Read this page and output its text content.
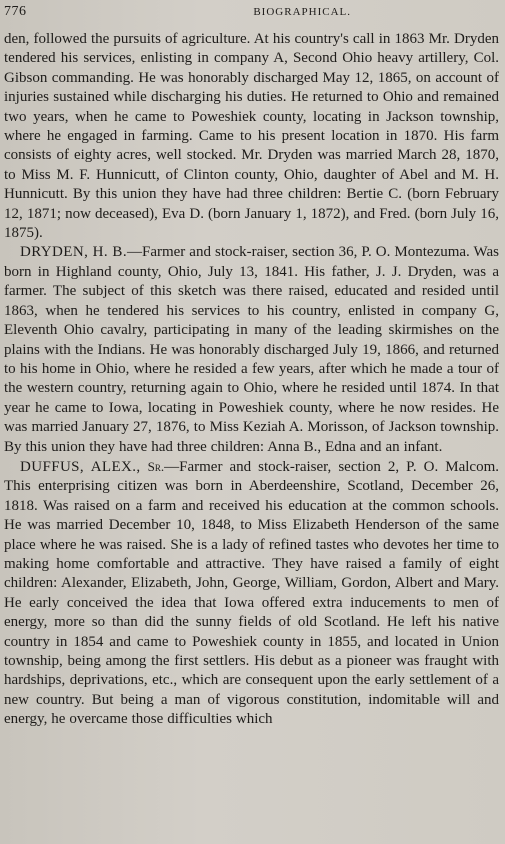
776	BIOGRAPHICAL.

den, followed the pursuits of agriculture. At his country's call in 1863 Mr. Dryden tendered his services, enlisting in company A, Second Ohio heavy artillery, Col. Gibson commanding. He was honorably discharged May 12, 1865, on account of injuries sustained while discharging his duties. He returned to Ohio and remained two years, when he came to Poweshiek county, locating in Jackson township, where he engaged in farming. Came to his present location in 1870. His farm consists of eighty acres, well stocked. Mr. Dryden was married March 28, 1870, to Miss M. F. Hunnicutt, of Clinton county, Ohio, daughter of Abel and M. H. Hunnicutt. By this union they have had three children: Bertie C. (born February 12, 1871; now deceased), Eva D. (born January 1, 1872), and Fred. (born July 16, 1875).

DRYDEN, H. B.—Farmer and stock-raiser, section 36, P. O. Montezuma. Was born in Highland county, Ohio, July 13, 1841. His father, J. J. Dryden, was a farmer. The subject of this sketch was there raised, educated and resided until 1863, when he tendered his services to his country, enlisted in company G, Eleventh Ohio cavalry, participating in many of the leading skirmishes on the plains with the Indians. He was honorably discharged July 19, 1866, and returned to his home in Ohio, where he resided a few years, after which he made a tour of the western country, returning again to Ohio, where he resided until 1874. In that year he came to Iowa, locating in Poweshiek county, where he now resides. He was married January 27, 1876, to Miss Keziah A. Morisson, of Jackson township. By this union they have had three children: Anna B., Edna and an infant.

DUFFUS, ALEX., Sr.—Farmer and stock-raiser, section 2, P. O. Malcom. This enterprising citizen was born in Aberdeenshire, Scotland, December 26, 1818. Was raised on a farm and received his education at the common schools. He was married December 10, 1848, to Miss Elizabeth Henderson of the same place where he was raised. She is a lady of refined tastes who devotes her time to making home comfortable and attractive. They have raised a family of eight children: Alexander, Elizabeth, John, George, William, Gordon, Albert and Mary. He early conceived the idea that Iowa offered extra inducements to men of energy, more so than did the sunny fields of old Scotland. He left his native country in 1854 and came to Poweshiek county in 1855, and located in Union township, being among the first settlers. His debut as a pioneer was fraught with hardships, deprivations, etc., which are consequent upon the early settlement of a new country. But being a man of vigorous constitution, indomitable will and energy, he overcame those difficulties which
